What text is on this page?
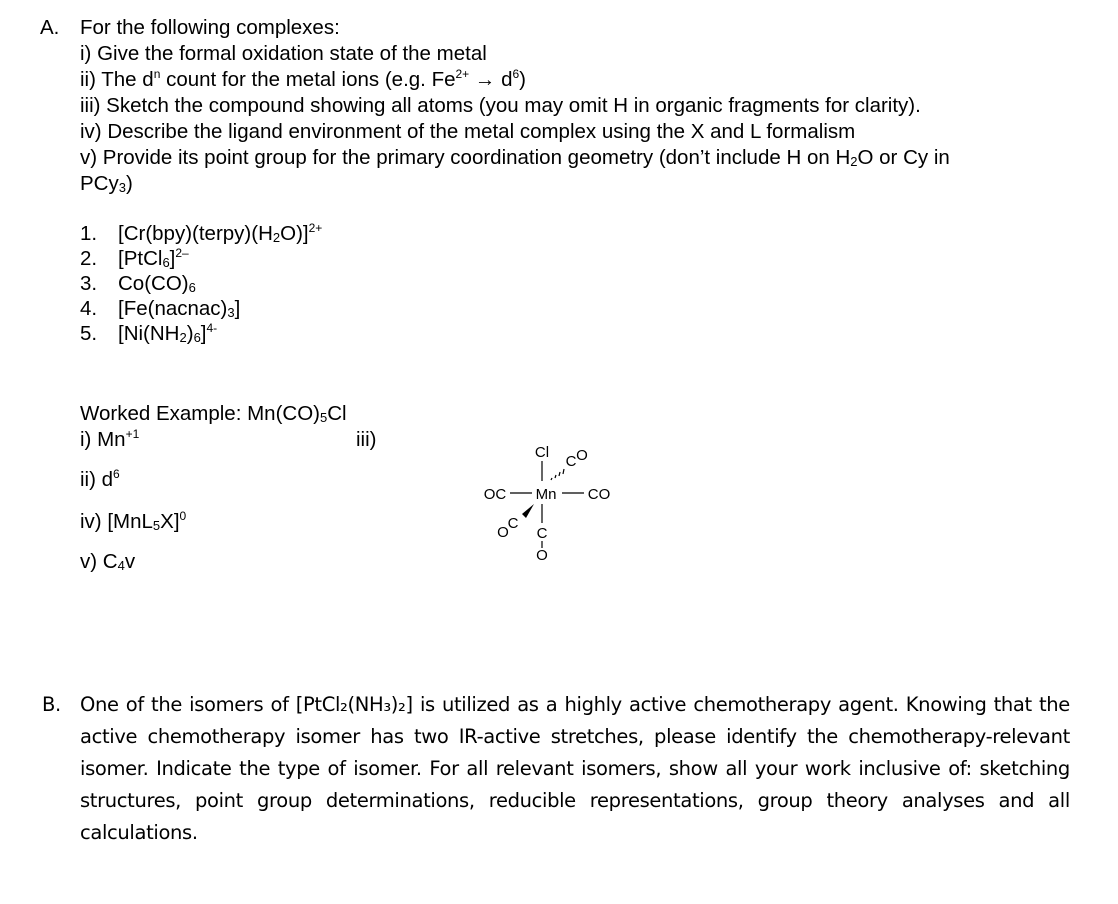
A. For the following complexes:
i) Give the formal oxidation state of the metal
ii) The $d^n$ count for the metal ions (e.g. $Fe^{2+} \to d^6$)
iii) Sketch the compound showing all atoms (you may omit H in organic fragments for clarity).
iv) Describe the ligand environment of the metal complex using the X and L formalism
v) Provide its point group for the primary coordination geometry (don’t include H on H2O or Cy in
PCy3)
1. [Cr(bpy)(terpy)(H2O)]$^{2+}$
2. [PtCl6]$^{2-}$
3. Co(CO)6
4. [Fe(nacnac)3]
5. $[Ni(NH2)6]^{4-}$
Worked Example: Mn(CO)5Cl
i) $Mn^{+1}$	iii)
ii) $d^6$
iv) $[MnL5X]^0$
v) C4v
Cl
C O
OC Mn CO
O
C
C
O
B. One of the isomers of [PtCl₂(NH₃)₂] is utilized as a highly active chemotherapy agent. Knowing that the
active chemotherapy isomer has two IR-active stretches, please identify the chemotherapy-relevant
isomer. Indicate the type of isomer. For all relevant isomers, show all your work inclusive of: sketching
structures, point group determinations, reducible representations, group theory analyses and all
calculations.
